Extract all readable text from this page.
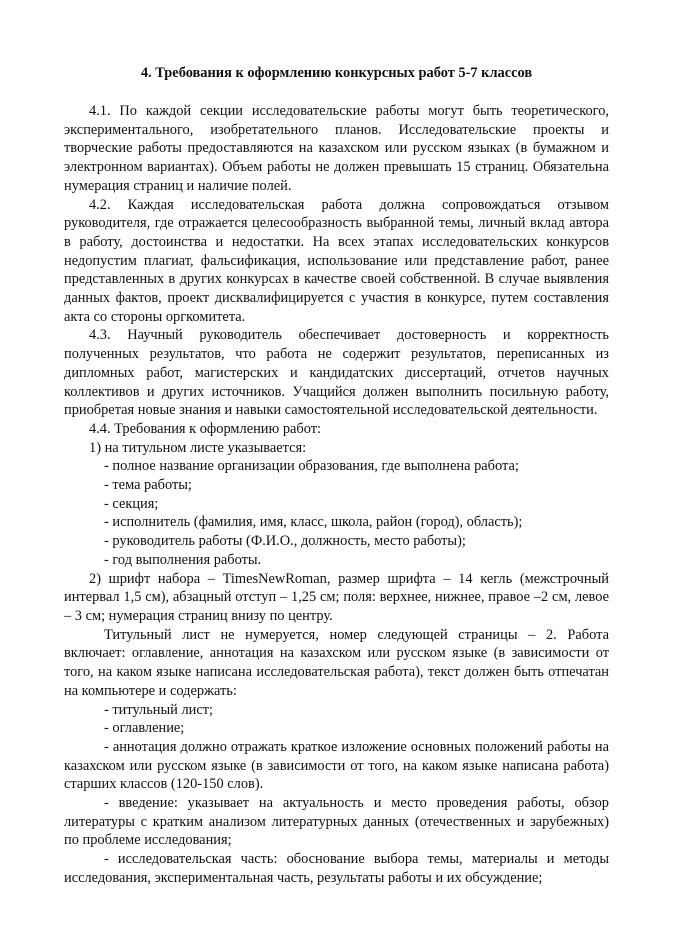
4. Требования к оформлению конкурсных работ 5-7 классов

4.1. По каждой секции исследовательские работы могут быть теоретического, экспериментального, изобретательного планов. Исследовательские проекты и творческие работы предоставляются на казахском или русском языках (в бумажном и электронном вариантах). Объем работы не должен превышать 15 страниц. Обязательна нумерация страниц и наличие полей.

4.2. Каждая исследовательская работа должна сопровождаться отзывом руководителя, где отражается целесообразность выбранной темы, личный вклад автора в работу, достоинства и недостатки. На всех этапах исследовательских конкурсов недопустим плагиат, фальсификация, использование или представление работ, ранее представленных в других конкурсах в качестве своей собственной. В случае выявления данных фактов, проект дисквалифицируется с участия в конкурсе, путем составления акта со стороны оргкомитета.

4.3. Научный руководитель обеспечивает достоверность и корректность полученных результатов, что работа не содержит результатов, переписанных из дипломных работ, магистерских и кандидатских диссертаций, отчетов научных коллективов и других источников. Учащийся должен выполнить посильную работу, приобретая новые знания и навыки самостоятельной исследовательской деятельности.

4.4. Требования к оформлению работ:

1) на титульном листе указывается:

- полное название организации образования, где выполнена работа;

- тема работы;

- секция;

- исполнитель (фамилия, имя, класс, школа, район (город), область);

- руководитель работы (Ф.И.О., должность, место работы);

- год выполнения работы.

2) шрифт набора – TimesNewRoman, размер шрифта – 14 кегль (межстрочный интервал 1,5 см), абзацный отступ – 1,25 см; поля: верхнее, нижнее, правое –2 см, левое – 3 см; нумерация страниц внизу по центру.

Титульный лист не нумеруется, номер следующей страницы – 2. Работа включает: оглавление, аннотация на казахском или русском языке (в зависимости от того, на каком языке написана исследовательская работа), текст должен быть отпечатан на компьютере и содержать:

- титульный лист;

- оглавление;

- аннотация должно отражать краткое изложение основных положений работы на казахском или русском языке (в зависимости от того, на каком языке написана работа) старших классов (120-150 слов).

- введение: указывает на актуальность и место проведения работы, обзор литературы с кратким анализом литературных данных (отечественных и зарубежных) по проблеме исследования;

- исследовательская часть: обоснование выбора темы, материалы и методы исследования, экспериментальная часть, результаты работы и их обсуждение;
